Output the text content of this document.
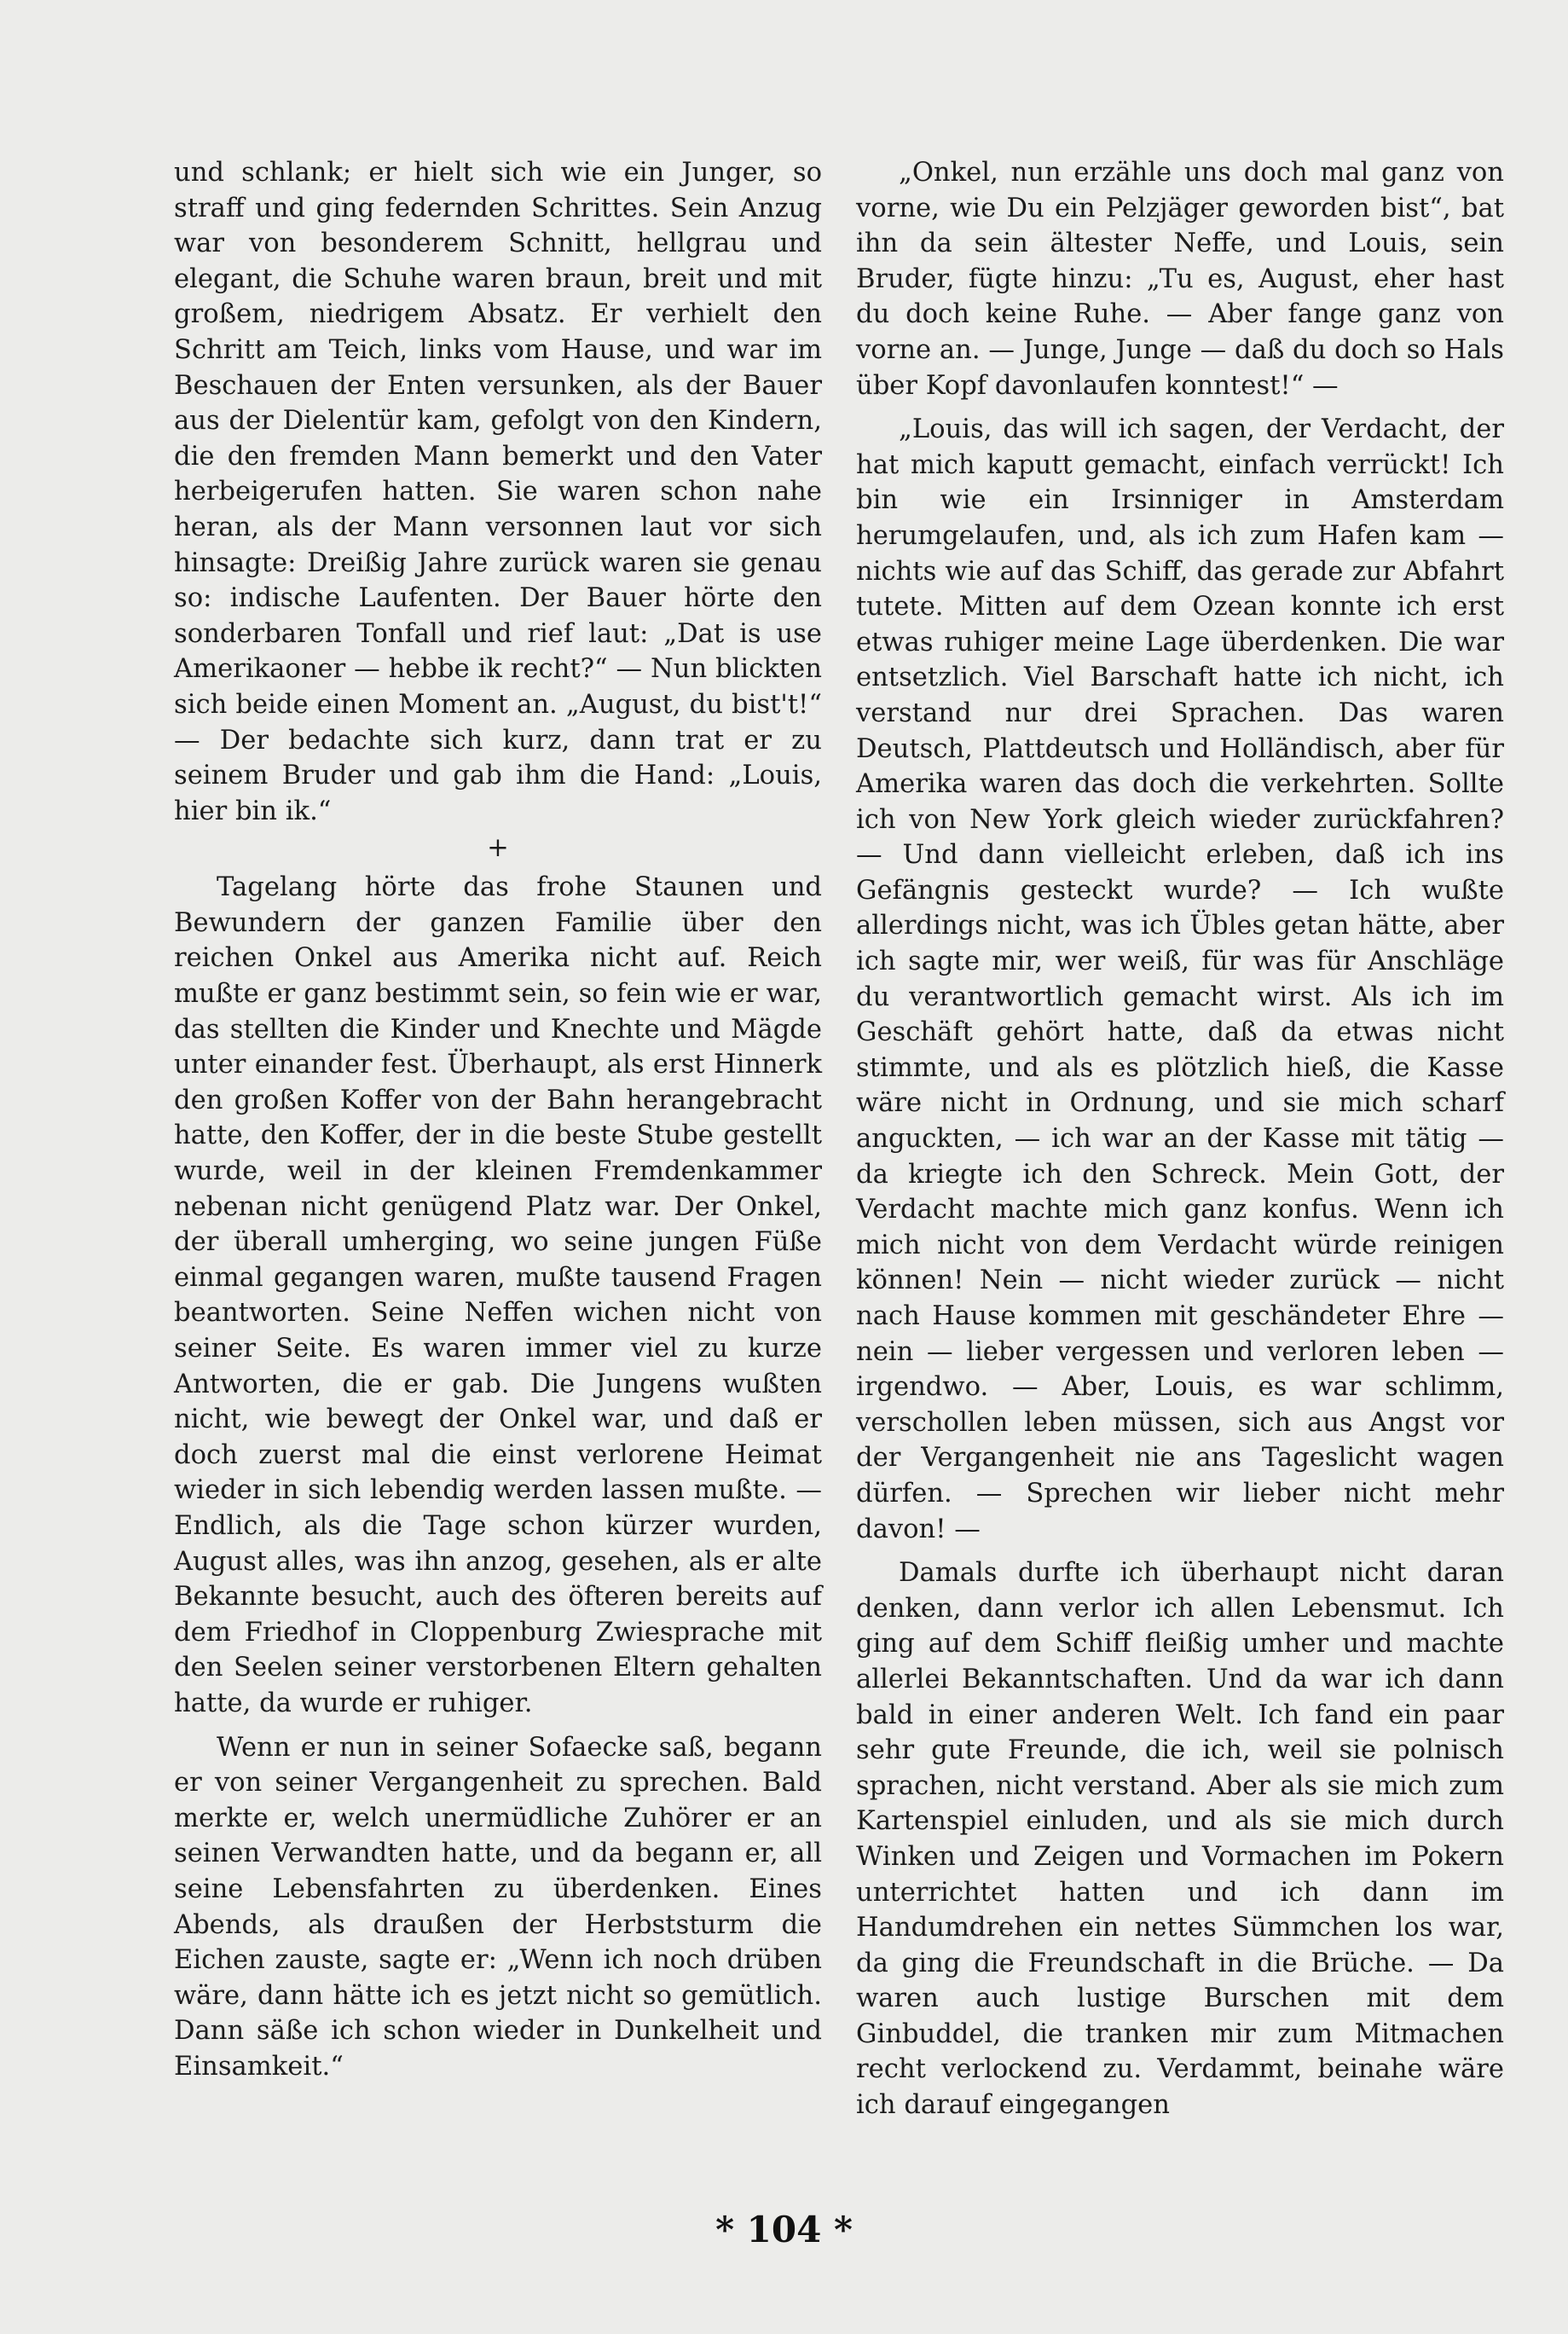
und schlank; er hielt sich wie ein Junger, so straff und ging federnden Schrittes. Sein Anzug war von besonderem Schnitt, hellgrau und elegant, die Schuhe waren braun, breit und mit großem, niedrigem Absatz. Er verhielt den Schritt am Teich, links vom Hause, und war im Beschauen der Enten versunken, als der Bauer aus der Dielentür kam, gefolgt von den Kindern, die den fremden Mann bemerkt und den Vater herbeigerufen hatten. Sie waren schon nahe heran, als der Mann versonnen laut vor sich hinsagte: Dreißig Jahre zurück waren sie genau so: indische Laufenten. Der Bauer hörte den sonderbaren Tonfall und rief laut: „Dat is use Amerikaoner — hebbe ik recht?“ — Nun blickten sich beide einen Moment an. „August, du bist't!“ — Der bedachte sich kurz, dann trat er zu seinem Bruder und gab ihm die Hand: „Louis, hier bin ik.“

+

Tagelang hörte das frohe Staunen und Bewundern der ganzen Familie über den reichen Onkel aus Amerika nicht auf. Reich mußte er ganz bestimmt sein, so fein wie er war, das stellten die Kinder und Knechte und Mägde unter einander fest. Überhaupt, als erst Hinnerk den großen Koffer von der Bahn herangebracht hatte, den Koffer, der in die beste Stube gestellt wurde, weil in der kleinen Fremdenkammer nebenan nicht genügend Platz war. Der Onkel, der überall umherging, wo seine jungen Füße einmal gegangen waren, mußte tausend Fragen beantworten. Seine Neffen wichen nicht von seiner Seite. Es waren immer viel zu kurze Antworten, die er gab. Die Jungens wußten nicht, wie bewegt der Onkel war, und daß er doch zuerst mal die einst verlorene Heimat wieder in sich lebendig werden lassen mußte. — Endlich, als die Tage schon kürzer wurden, August alles, was ihn anzog, gesehen, als er alte Bekannte besucht, auch des öfteren bereits auf dem Friedhof in Cloppenburg Zwiesprache mit den Seelen seiner verstorbenen Eltern gehalten hatte, da wurde er ruhiger.

Wenn er nun in seiner Sofaecke saß, begann er von seiner Vergangenheit zu sprechen. Bald merkte er, welch unermüdliche Zuhörer er an seinen Verwandten hatte, und da begann er, all seine Lebensfahrten zu überdenken. Eines Abends, als draußen der Herbststurm die Eichen zauste, sagte er: „Wenn ich noch drüben wäre, dann hätte ich es jetzt nicht so gemütlich. Dann säße ich schon wieder in Dunkelheit und Einsamkeit.“

„Onkel, nun erzähle uns doch mal ganz von vorne, wie Du ein Pelzjäger geworden bist“, bat ihn da sein ältester Neffe, und Louis, sein Bruder, fügte hinzu: „Tu es, August, eher hast du doch keine Ruhe. — Aber fange ganz von vorne an. — Junge, Junge — daß du doch so Hals über Kopf davonlaufen konntest!“ —

„Louis, das will ich sagen, der Verdacht, der hat mich kaputt gemacht, einfach verrückt! Ich bin wie ein Irsinniger in Amsterdam herumgelaufen, und, als ich zum Hafen kam — nichts wie auf das Schiff, das gerade zur Abfahrt tutete. Mitten auf dem Ozean konnte ich erst etwas ruhiger meine Lage überdenken. Die war entsetzlich. Viel Barschaft hatte ich nicht, ich verstand nur drei Sprachen. Das waren Deutsch, Plattdeutsch und Holländisch, aber für Amerika waren das doch die verkehrten. Sollte ich von New York gleich wieder zurückfahren? — Und dann vielleicht erleben, daß ich ins Gefängnis gesteckt wurde? — Ich wußte allerdings nicht, was ich Übles getan hätte, aber ich sagte mir, wer weiß, für was für Anschläge du verantwortlich gemacht wirst. Als ich im Geschäft gehört hatte, daß da etwas nicht stimmte, und als es plötzlich hieß, die Kasse wäre nicht in Ordnung, und sie mich scharf anguckten, — ich war an der Kasse mit tätig — da kriegte ich den Schreck. Mein Gott, der Verdacht machte mich ganz konfus. Wenn ich mich nicht von dem Verdacht würde reinigen können! Nein — nicht wieder zurück — nicht nach Hause kommen mit geschändeter Ehre — nein — lieber vergessen und verloren leben — irgendwo. — Aber, Louis, es war schlimm, verschollen leben müssen, sich aus Angst vor der Vergangenheit nie ans Tageslicht wagen dürfen. — Sprechen wir lieber nicht mehr davon! —

Damals durfte ich überhaupt nicht daran denken, dann verlor ich allen Lebensmut. Ich ging auf dem Schiff fleißig umher und machte allerlei Bekanntschaften. Und da war ich dann bald in einer anderen Welt. Ich fand ein paar sehr gute Freunde, die ich, weil sie polnisch sprachen, nicht verstand. Aber als sie mich zum Kartenspiel einluden, und als sie mich durch Winken und Zeigen und Vormachen im Pokern unterrichtet hatten und ich dann im Handumdrehen ein nettes Sümmchen los war, da ging die Freundschaft in die Brüche. — Da waren auch lustige Burschen mit dem Ginbuddel, die tranken mir zum Mitmachen recht verlockend zu. Verdammt, beinahe wäre ich darauf eingegangen

* 104 *
